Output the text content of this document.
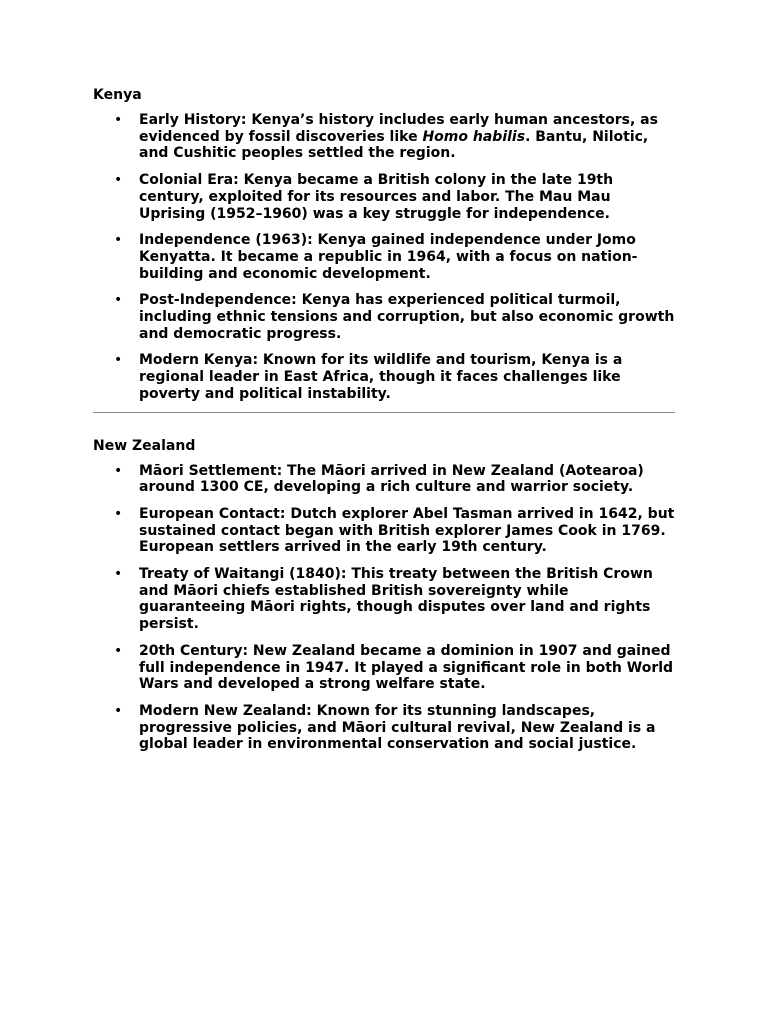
Kenya
• Early History: Kenya’s history includes early human ancestors, as evidenced by fossil discoveries like Homo habilis. Bantu, Nilotic, and Cushitic peoples settled the region.
• Colonial Era: Kenya became a British colony in the late 19th century, exploited for its resources and labor. The Mau Mau Uprising (1952–1960) was a key struggle for independence.
• Independence (1963): Kenya gained independence under Jomo Kenyatta. It became a republic in 1964, with a focus on nation-building and economic development.
• Post-Independence: Kenya has experienced political turmoil, including ethnic tensions and corruption, but also economic growth and democratic progress.
• Modern Kenya: Known for its wildlife and tourism, Kenya is a regional leader in East Africa, though it faces challenges like poverty and political instability.
New Zealand
• Māori Settlement: The Māori arrived in New Zealand (Aotearoa) around 1300 CE, developing a rich culture and warrior society.
• European Contact: Dutch explorer Abel Tasman arrived in 1642, but sustained contact began with British explorer James Cook in 1769. European settlers arrived in the early 19th century.
• Treaty of Waitangi (1840): This treaty between the British Crown and Māori chiefs established British sovereignty while guaranteeing Māori rights, though disputes over land and rights persist.
• 20th Century: New Zealand became a dominion in 1907 and gained full independence in 1947. It played a significant role in both World Wars and developed a strong welfare state.
• Modern New Zealand: Known for its stunning landscapes, progressive policies, and Māori cultural revival, New Zealand is a global leader in environmental conservation and social justice.
